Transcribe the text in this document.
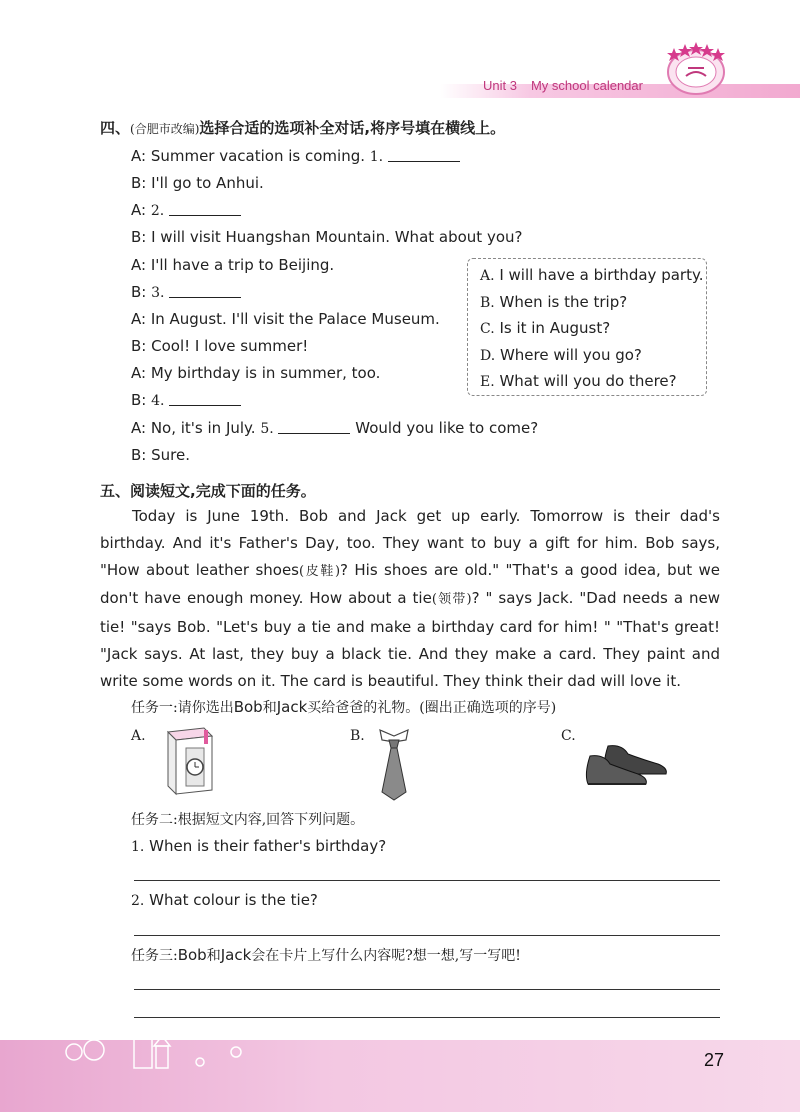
Unit 3 My school calendar
四、(合肥市改编)选择合适的选项补全对话,将序号填在横线上。
A: Summer vacation is coming. 1.
B: I'll go to Anhui.
A: 2.
B: I will visit Huangshan Mountain. What about you?
A: I'll have a trip to Beijing.
B: 3.
A: In August. I'll visit the Palace Museum.
B: Cool! I love summer!
A: My birthday is in summer, too.
B: 4.
A: No, it's in July. 5.	Would you like to come?
B: Sure.
A. I will have a birthday party.
B. When is the trip?
C. Is it in August?
D. Where will you go?
E. What will you do there?
五、阅读短文,完成下面的任务。
Today is June 19th. Bob and Jack get up early. Tomorrow is their dad's birthday. And it's Father's Day, too. They want to buy a gift for him. Bob says, "How about leather shoes(皮鞋)? His shoes are old." "That's a good idea, but we don't have enough money. How about a tie(领带)? " says Jack. "Dad needs a new tie! "says Bob. "Let's buy a tie and make a birthday card for him! " "That's great! "Jack says. At last, they buy a black tie. And they make a card. They paint and write some words on it. The card is beautiful. They think their dad will love it.
任务一:请你选出Bob和Jack买给爸爸的礼物。(圈出正确选项的序号)
A.	B.	C.
任务二:根据短文内容,回答下列问题。
1. When is their father's birthday?
2. What colour is the tie?
任务三:Bob和Jack会在卡片上写什么内容呢?想一想,写一写吧!
27
